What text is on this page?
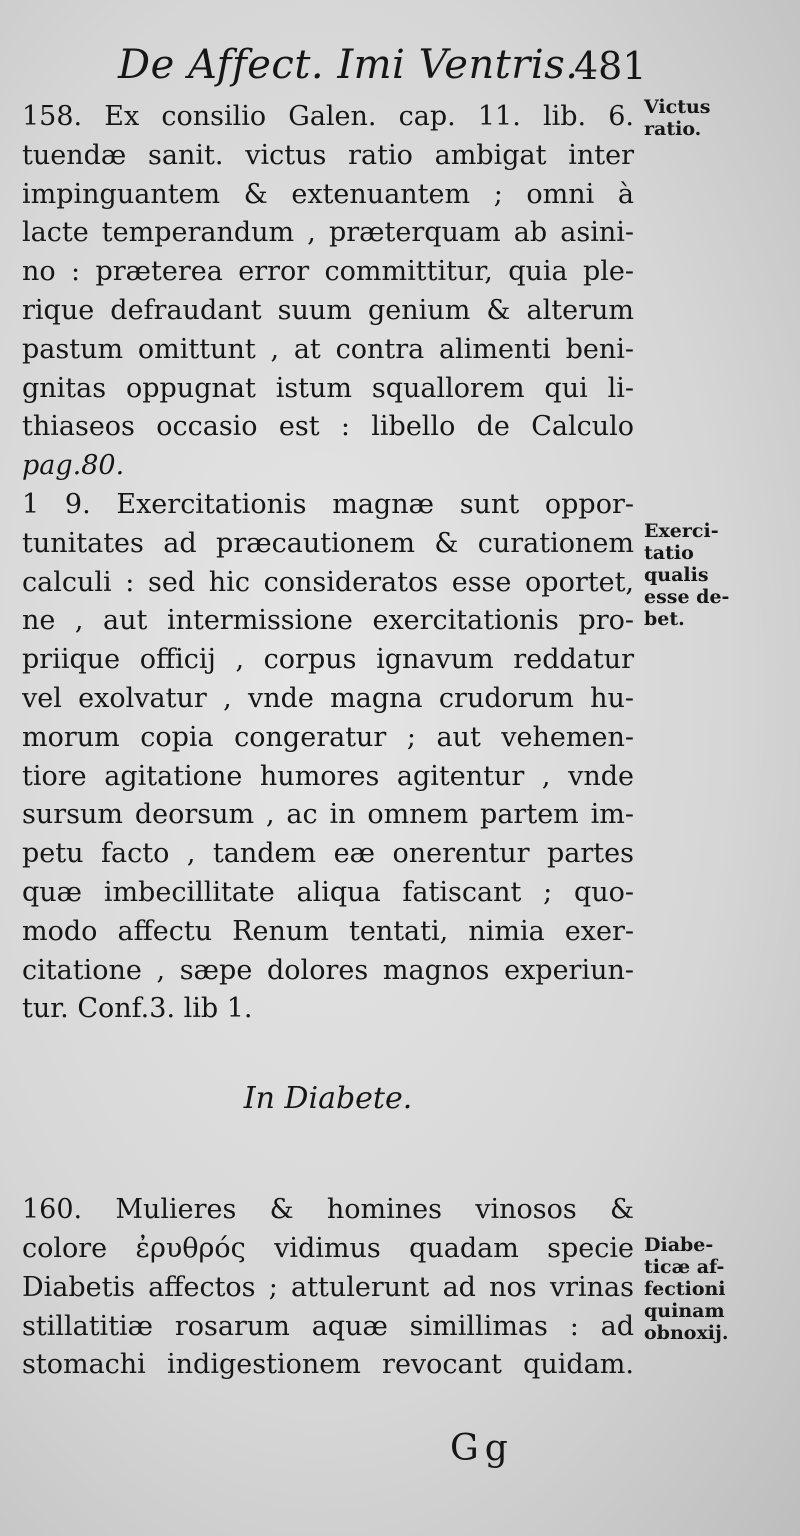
De Affect. Imi Ventris.
481
158. Ex consilio Galen. cap. 11. lib. 6.
tuendæ sanit. victus ratio ambigat inter
impinguantem & extenuantem ; omni à
lacte temperandum , præterquam ab asini-
no : præterea error committitur, quia ple-
rique defraudant suum genium & alterum
pastum omittunt , at contra alimenti beni-
gnitas oppugnat istum squallorem qui li-
thiaseos occasio est : libello de Calculo
pag.80.
1 9. Exercitationis magnæ sunt oppor-
tunitates ad præcautionem & curationem
calculi : sed hic consideratos esse oportet,
ne , aut intermissione exercitationis pro-
priique officij , corpus ignavum reddatur
vel exolvatur , vnde magna crudorum hu-
morum copia congeratur ; aut vehemen-
tiore agitatione humores agitentur , vnde
sursum deorsum , ac in omnem partem im-
petu facto , tandem eæ onerentur partes
quæ imbecillitate aliqua fatiscant ; quo-
modo affectu Renum tentati, nimia exer-
citatione , sæpe dolores magnos experiun-
tur. Conf.3. lib 1.
In Diabete.
160. Mulieres & homines vinosos &
colore ἐρυθρός vidimus quadam specie
Diabetis affectos ; attulerunt ad nos vrinas
stillatitiæ rosarum aquæ simillimas : ad
stomachi indigestionem revocant quidam.
Victus
ratio.
Exerci-
tatio
qualis
esse de-
bet.
Diabe-
ticæ af-
fectioni
quinam
obnoxij.
Gg
